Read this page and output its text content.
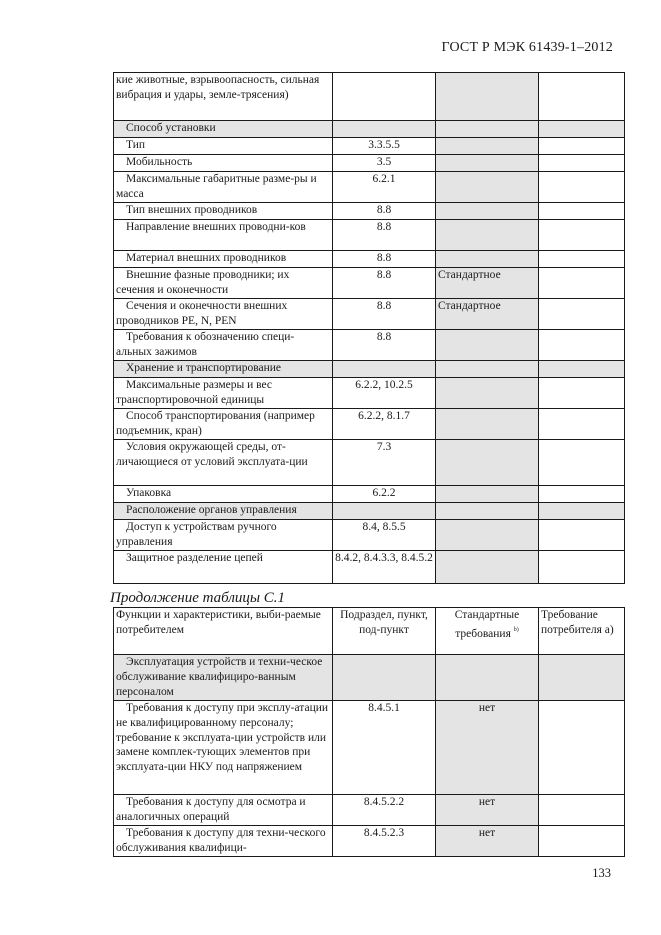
ГОСТ Р МЭК 61439-1–2012
кие животные, взрывоопасность, сильная вибрация и удары, земле-трясения)			
Способ установки			
Тип	3.3.5.5		
Мобильность	3.5		
Максимальные габаритные разме-ры и масса	6.2.1		
Тип внешних проводников	8.8		
Направление внешних проводни-ков	8.8		
Материал внешних проводников	8.8		
Внешние фазные проводники; их сечения и оконечности	8.8	Стандартное	
Сечения и оконечности внешних проводников PE, N, PEN	8.8	Стандартное	
Требования к обозначению специ-альных зажимов	8.8		
Хранение и транспортирование			
Максимальные размеры и вес транспортировочной единицы	6.2.2, 10.2.5		
Способ транспортирования (например подъемник, кран)	6.2.2, 8.1.7		
Условия окружающей среды, от-личающиеся от условий эксплуата-ции	7.3		
Упаковка	6.2.2		
Расположение органов управления			
Доступ к устройствам ручного управления	8.4, 8.5.5		
Защитное разделение цепей	8.4.2, 8.4.3.3, 8.4.5.2		
Продолжение таблицы С.1
Функции и характеристики, выби-раемые потребителем	Подраздел, пункт, под-пункт	Стандартные требования $^{b)}$	Требование потребителя а)
Эксплуатация устройств и техни-ческое обслуживание квалифициро-ванным персоналом			
Требования к доступу при эксплу-атации не квалифицированному персоналу; требование к эксплуата-ции устройств или замене комплек-тующих элементов при эксплуата-ции НКУ под напряжением	8.4.5.1	нет	
Требования к доступу для осмотра и аналогичных операций	8.4.5.2.2	нет	
Требования к доступу для техни-ческого обслуживания квалифици-	8.4.5.2.3	нет	
133
